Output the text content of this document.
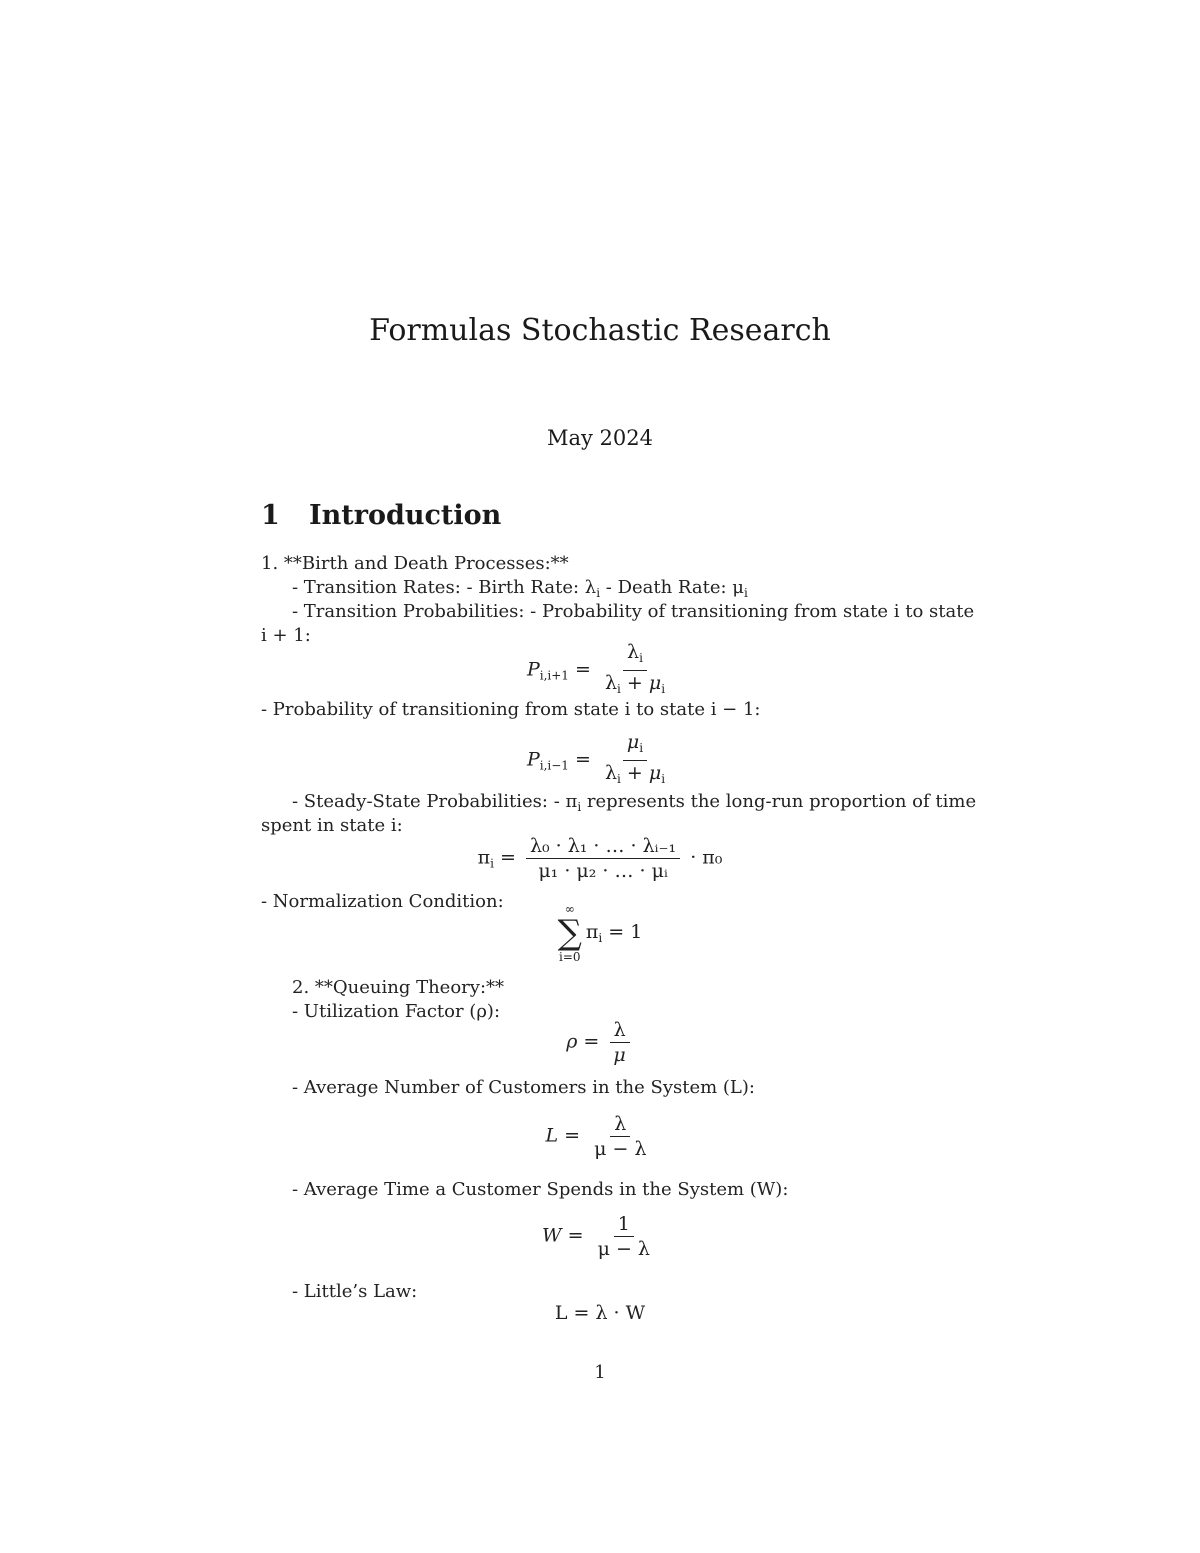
Formulas Stochastic Research
May 2024
1 Introduction
1. **Birth and Death Processes:**
- Transition Rates: - Birth Rate: $\lambda_i$ - Death Rate: $\mu_i$
- Transition Probabilities: - Probability of transitioning from state i to state
i + 1:
$P_{i,i+1} = \frac{\lambda_i}{\lambda_i + \mu_i}$
- Probability of transitioning from state i to state i − 1:
$P_{i,i-1} = \frac{\mu_i}{\lambda_i + \mu_i}$
- Steady-State Probabilities: - $\pi_i$ represents the long-run proportion of time
spent in state i:
$\pi_i = \frac{\text{λ₀ · λ₁ · … · λᵢ₋₁}}{\text{μ₁ · μ₂ · … · μᵢ}} \cdot \pi_0$
- Normalization Condition:	∞
∑
i=0
$\pi_i = 1$
2. **Queuing Theory:**
- Utilization Factor (ρ):
$\rho = \frac{\lambda}{\mu}$
- Average Number of Customers in the System (L):
$L = \frac{\lambda}{\mu - \lambda}$
- Average Time a Customer Spends in the System (W):
$W = \frac{1}{\mu - \lambda}$
- Little’s Law:
L = λ · W
1
